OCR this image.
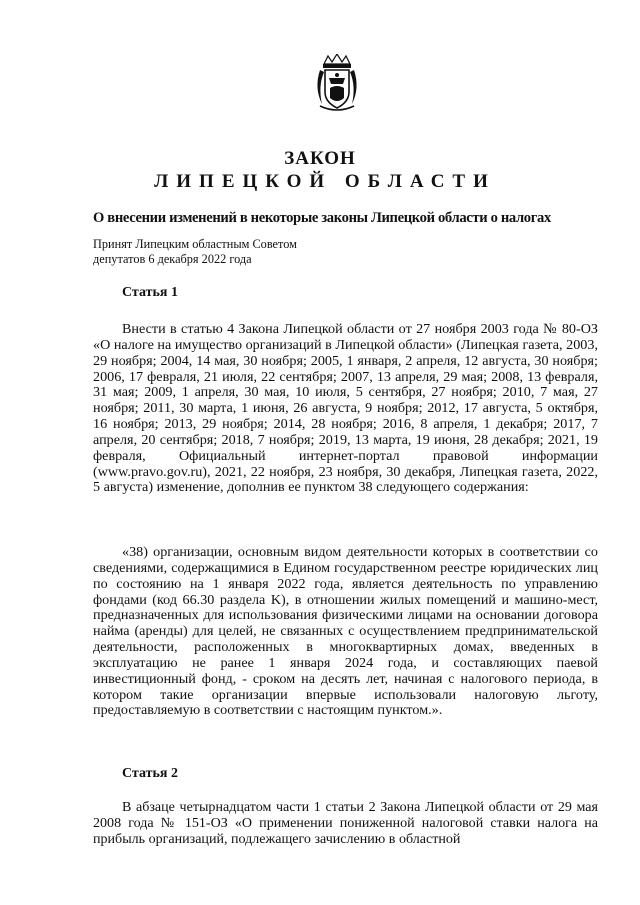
ЗАКОН
ЛИПЕЦКОЙ ОБЛАСТИ
О внесении изменений в некоторые законы Липецкой области о налогах
Принят Липецким областным Советом
депутатов 6 декабря 2022 года
Статья 1
Внести в статью 4 Закона Липецкой области от 27 ноября 2003 года № 80-ОЗ «О налоге на имущество организаций в Липецкой области» (Липецкая газета, 2003, 29 ноября; 2004, 14 мая, 30 ноября; 2005, 1 января, 2 апреля, 12 августа, 30 ноября; 2006, 17 февраля, 21 июля, 22 сентября; 2007, 13 апреля, 29 мая; 2008, 13 февраля, 31 мая; 2009, 1 апреля, 30 мая, 10 июля, 5 сентября, 27 ноября; 2010, 7 мая, 27 ноября; 2011, 30 марта, 1 июня, 26 августа, 9 ноября; 2012, 17 августа, 5 октября, 16 ноября; 2013, 29 ноября; 2014, 28 ноября; 2016, 8 апреля, 1 декабря; 2017, 7 апреля, 20 сентября; 2018, 7 ноября; 2019, 13 марта, 19 июня, 28 декабря; 2021, 19 февраля, Официальный интернет-портал правовой информации (www.pravo.gov.ru), 2021, 22 ноября, 23 ноября, 30 декабря, Липецкая газета, 2022, 5 августа) изменение, дополнив ее пунктом 38 следующего содержания:
«38) организации, основным видом деятельности которых в соответствии со сведениями, содержащимися в Едином государственном реестре юридических лиц по состоянию на 1 января 2022 года, является деятельность по управлению фондами (код 66.30 раздела K), в отношении жилых помещений и машино-мест, предназначенных для использования физическими лицами на основании договора найма (аренды) для целей, не связанных с осуществлением предпринимательской деятельности, расположенных в многоквартирных домах, введенных в эксплуатацию не ранее 1 января 2024 года, и составляющих паевой инвестиционный фонд, - сроком на десять лет, начиная с налогового периода, в котором такие организации впервые использовали налоговую льготу, предоставляемую в соответствии с настоящим пунктом.».
Статья 2
В абзаце четырнадцатом части 1 статьи 2 Закона Липецкой области от 29 мая 2008 года № 151-ОЗ «О применении пониженной налоговой ставки налога на прибыль организаций, подлежащего зачислению в областной
